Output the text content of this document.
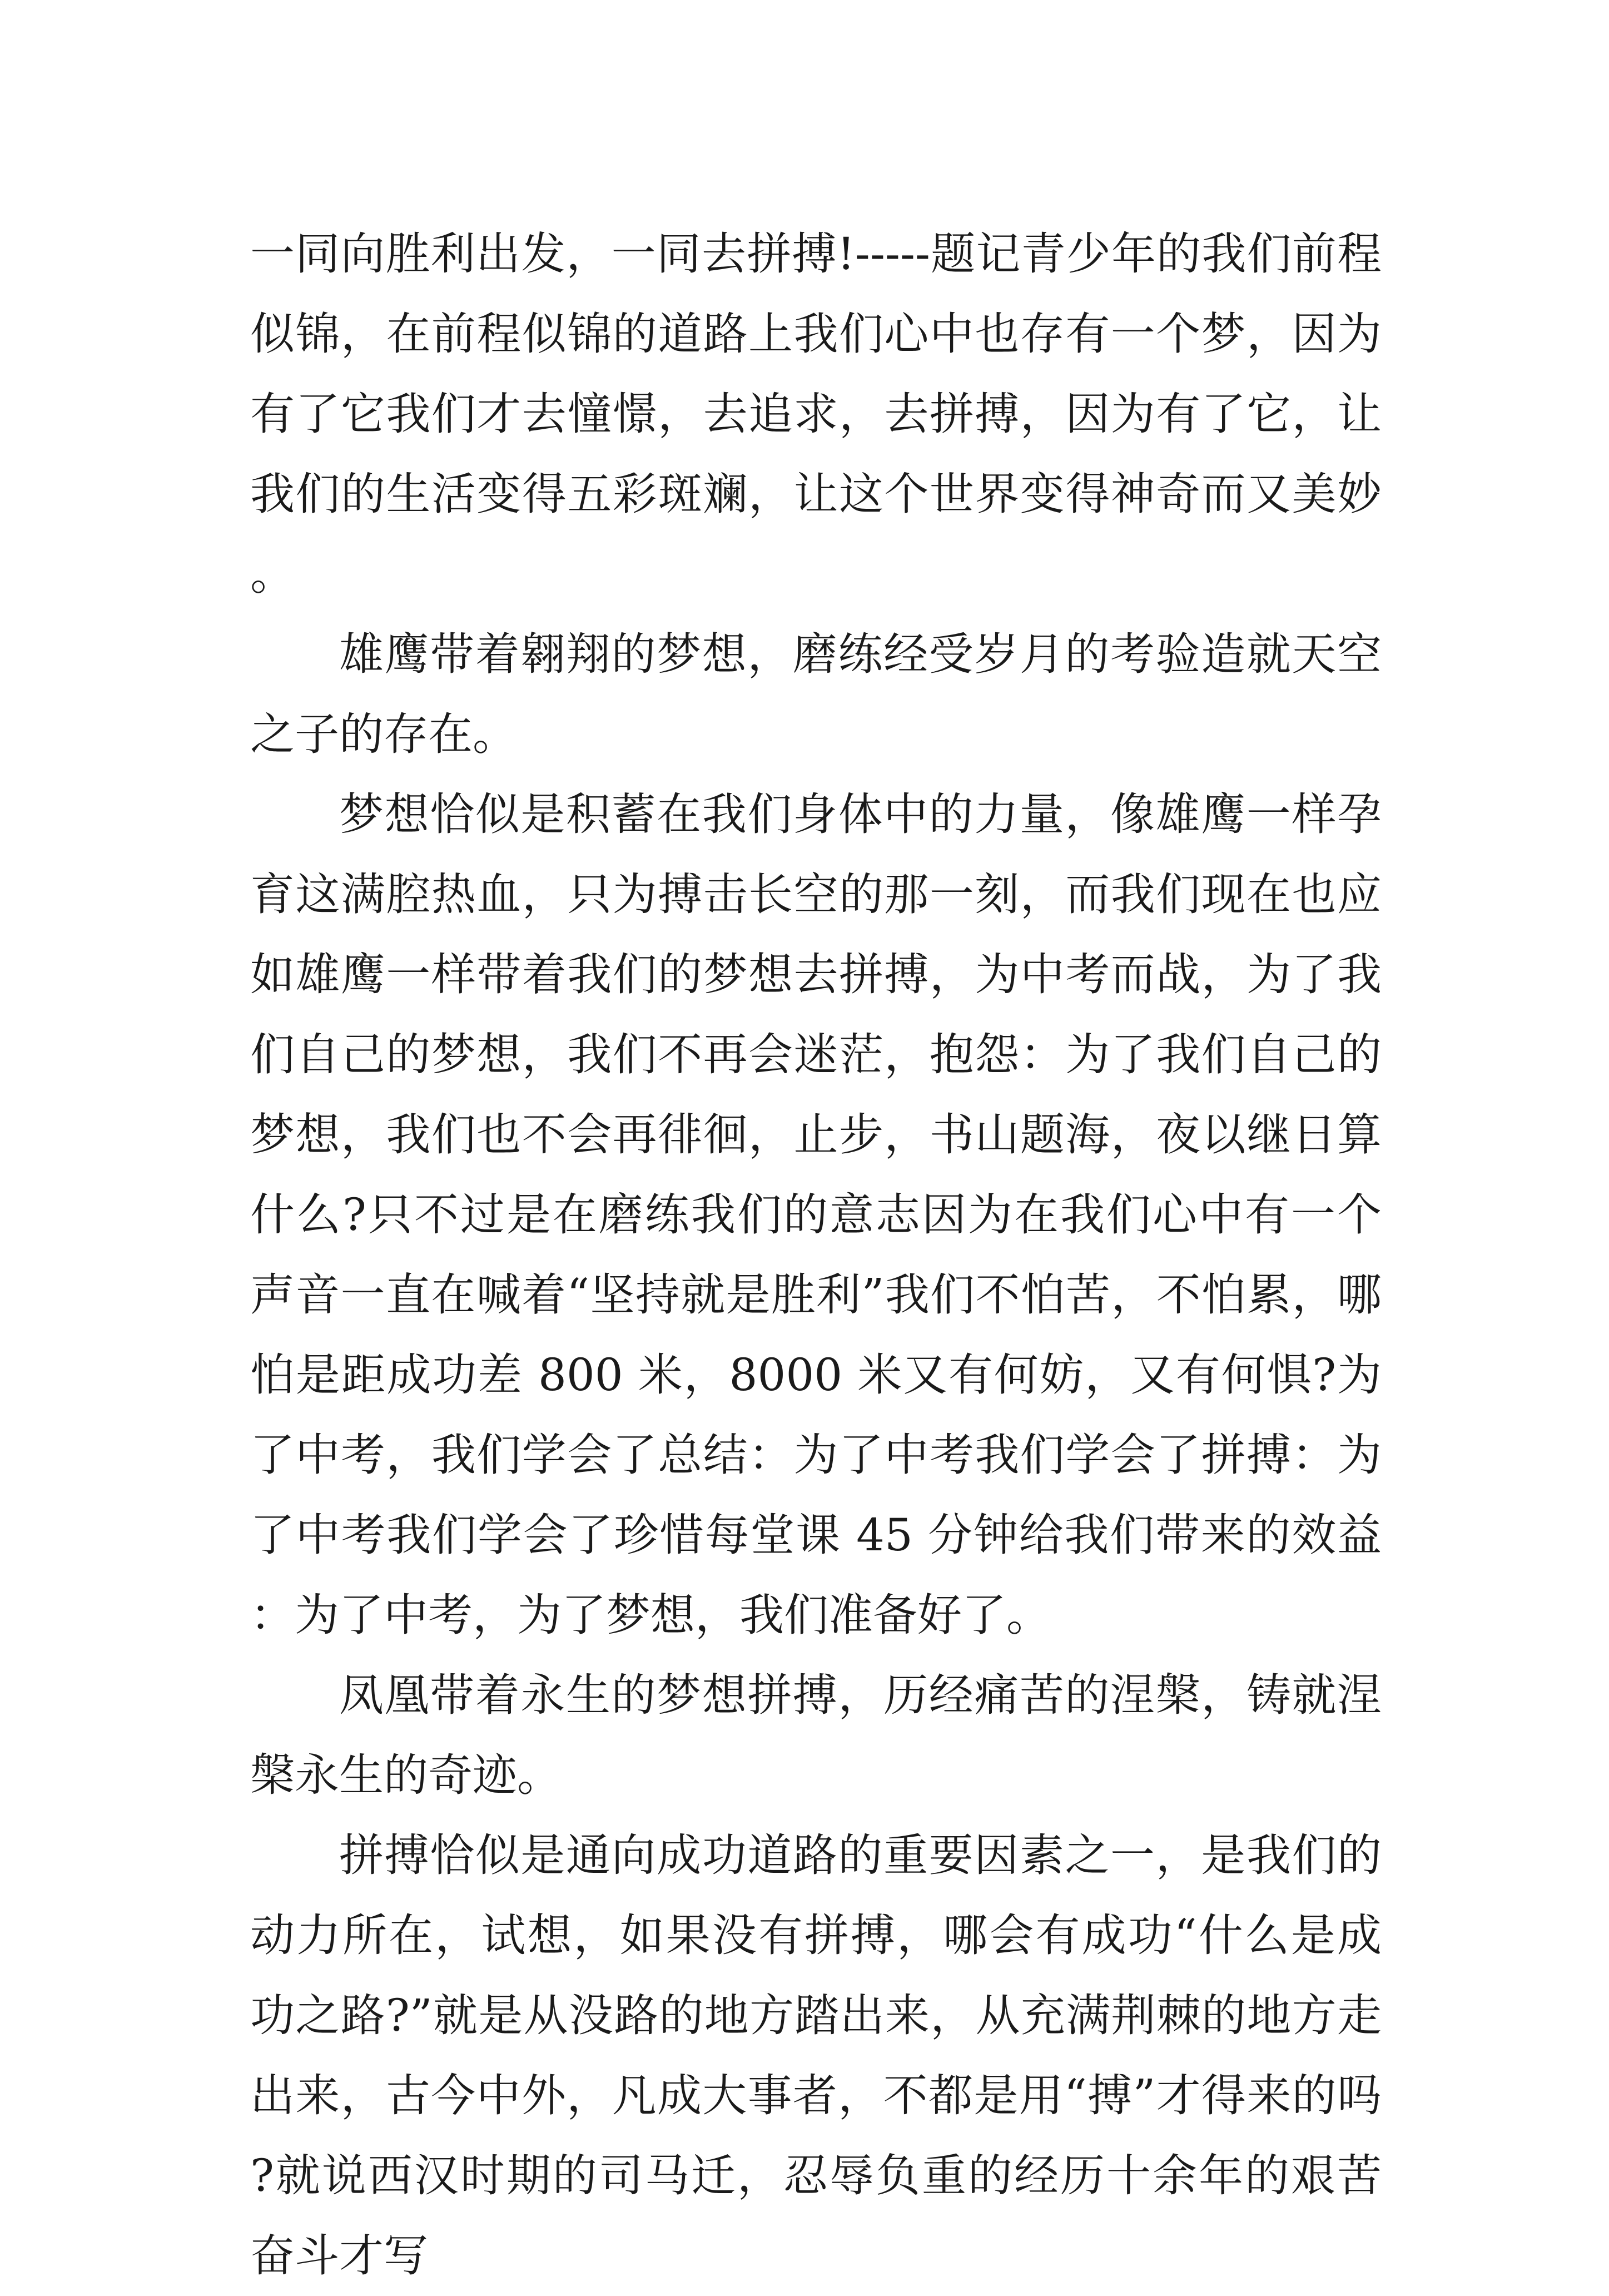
一同向胜利出发，一同去拼搏!-----题记青少年的我们前程似锦，在前程似锦的道路上我们心中也存有一个梦，因为有了它我们才去憧憬，去追求，去拼搏，因为有了它，让我们的生活变得五彩斑斓，让这个世界变得神奇而又美妙。

雄鹰带着翱翔的梦想，磨练经受岁月的考验造就天空之子的存在。

梦想恰似是积蓄在我们身体中的力量，像雄鹰一样孕育这满腔热血，只为搏击长空的那一刻，而我们现在也应如雄鹰一样带着我们的梦想去拼搏，为中考而战，为了我们自己的梦想，我们不再会迷茫，抱怨：为了我们自己的梦想，我们也不会再徘徊，止步，书山题海，夜以继日算什么?只不过是在磨练我们的意志因为在我们心中有一个声音一直在喊着“坚持就是胜利”我们不怕苦，不怕累，哪怕是距成功差 800 米，8000 米又有何妨，又有何惧?为了中考，我们学会了总结：为了中考我们学会了拼搏：为了中考我们学会了珍惜每堂课 45 分钟给我们带来的效益：为了中考，为了梦想，我们准备好了。

凤凰带着永生的梦想拼搏，历经痛苦的涅槃，铸就涅槃永生的奇迹。

拼搏恰似是通向成功道路的重要因素之一，是我们的动力所在，试想，如果没有拼搏，哪会有成功“什么是成功之路?”就是从没路的地方踏出来，从充满荆棘的地方走出来，古今中外，凡成大事者，不都是用“搏”才得来的吗?就说西汉时期的司马迁，忍辱负重的经历十余年的艰苦奋斗才写
